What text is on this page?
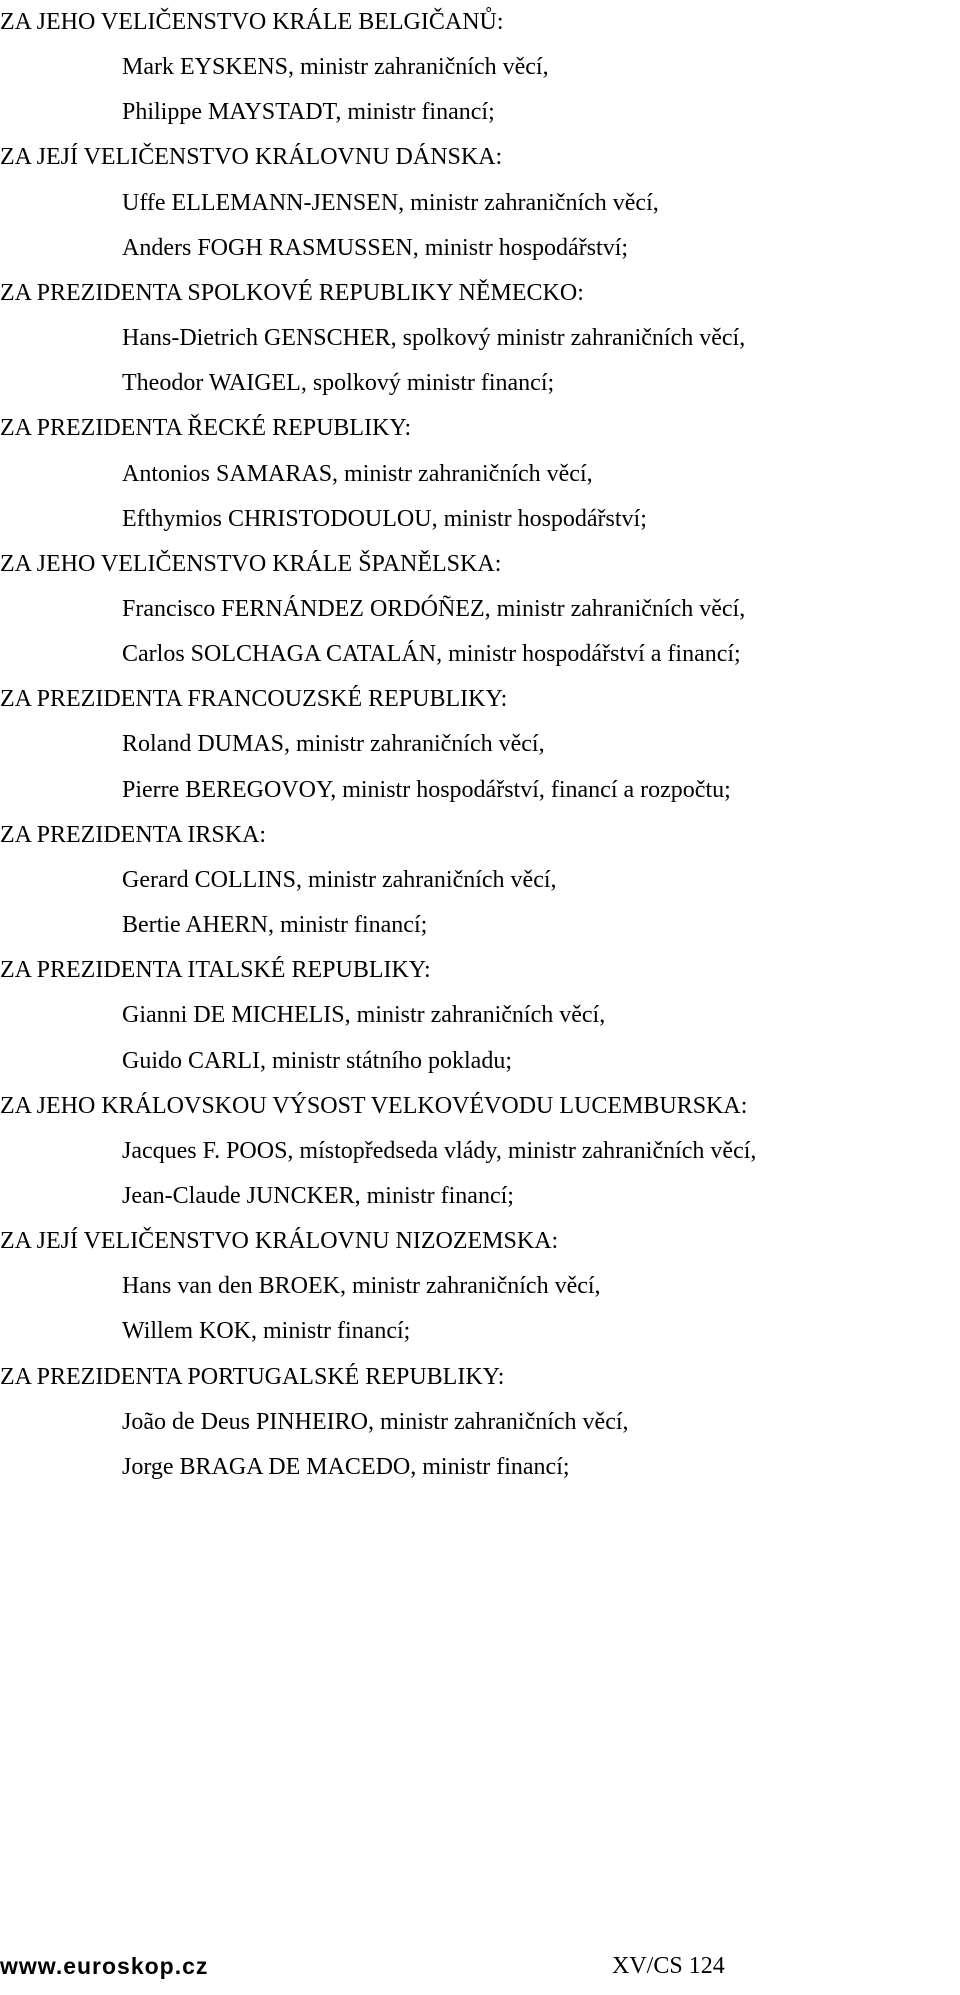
ZA JEHO VELIČENSTVO KRÁLE BELGIČANŮ:
Mark EYSKENS, ministr zahraničních věcí,
Philippe MAYSTADT, ministr financí;
ZA JEJÍ VELIČENSTVO KRÁLOVNU DÁNSKA:
Uffe ELLEMANN-JENSEN, ministr zahraničních věcí,
Anders FOGH RASMUSSEN, ministr hospodářství;
ZA PREZIDENTA SPOLKOVÉ REPUBLIKY NĚMECKO:
Hans-Dietrich GENSCHER, spolkový ministr zahraničních věcí,
Theodor WAIGEL, spolkový ministr financí;
ZA PREZIDENTA ŘECKÉ REPUBLIKY:
Antonios SAMARAS, ministr zahraničních věcí,
Efthymios CHRISTODOULOU, ministr hospodářství;
ZA JEHO VELIČENSTVO KRÁLE ŠPANĚLSKA:
Francisco FERNÁNDEZ ORDÓÑEZ, ministr zahraničních věcí,
Carlos SOLCHAGA CATALÁN, ministr hospodářství a financí;
ZA PREZIDENTA FRANCOUZSKÉ REPUBLIKY:
Roland DUMAS, ministr zahraničních věcí,
Pierre BEREGOVOY, ministr hospodářství, financí a rozpočtu;
ZA PREZIDENTA IRSKA:
Gerard COLLINS, ministr zahraničních věcí,
Bertie AHERN, ministr financí;
ZA PREZIDENTA ITALSKÉ REPUBLIKY:
Gianni DE MICHELIS, ministr zahraničních věcí,
Guido CARLI, ministr státního pokladu;
ZA JEHO KRÁLOVSKOU VÝSOST VELKOVÉVODU LUCEMBURSKA:
Jacques F. POOS, místopředseda vlády, ministr zahraničních věcí,
Jean-Claude JUNCKER, ministr financí;
ZA JEJÍ VELIČENSTVO KRÁLOVNU NIZOZEMSKA:
Hans van den BROEK, ministr zahraničních věcí,
Willem KOK, ministr financí;
ZA PREZIDENTA PORTUGALSKÉ REPUBLIKY:
João de Deus PINHEIRO, ministr zahraničních věcí,
Jorge BRAGA DE MACEDO, ministr financí;
www.euroskop.cz	XV/CS 124
